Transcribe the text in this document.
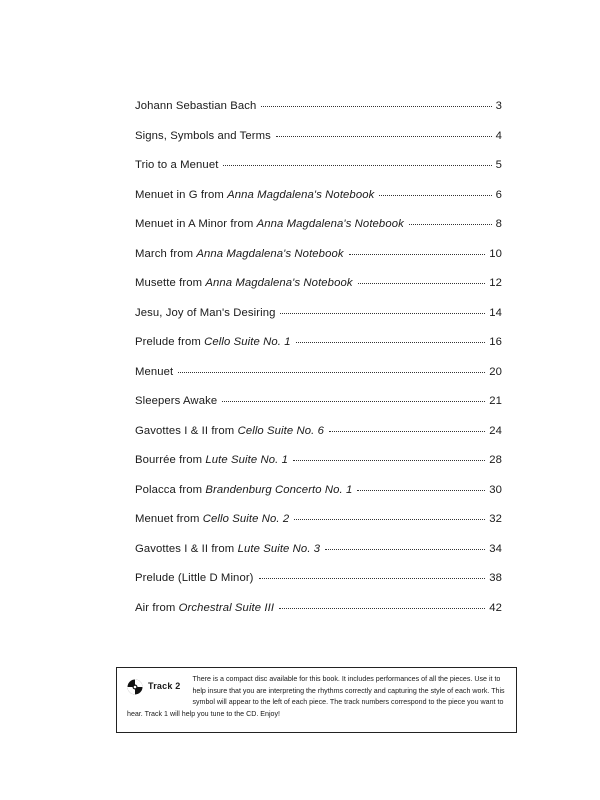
Johann Sebastian Bach	3
Signs, Symbols and Terms	4
Trio to a Menuet	5
Menuet in G from Anna Magdalena's Notebook	6
Menuet in A Minor from Anna Magdalena's Notebook	8
March from Anna Magdalena's Notebook	10
Musette from Anna Magdalena's Notebook	12
Jesu, Joy of Man's Desiring	14
Prelude from Cello Suite No. 1	16
Menuet	20
Sleepers Awake	21
Gavottes I & II from Cello Suite No. 6	24
Bourrée from Lute Suite No. 1	28
Polacca from Brandenburg Concerto No. 1	30
Menuet from Cello Suite No. 2	32
Gavottes I & II from Lute Suite No. 3	34
Prelude (Little D Minor)	38
Air from Orchestral Suite III	42
Track 2
There is a compact disc available for this book. It includes performances of all the pieces. Use it to help insure that you are interpreting the rhythms correctly and capturing the style of each work. This symbol will appear to the left of each piece. The track numbers correspond to the piece you want to hear. Track 1 will help you tune to the CD. Enjoy!
